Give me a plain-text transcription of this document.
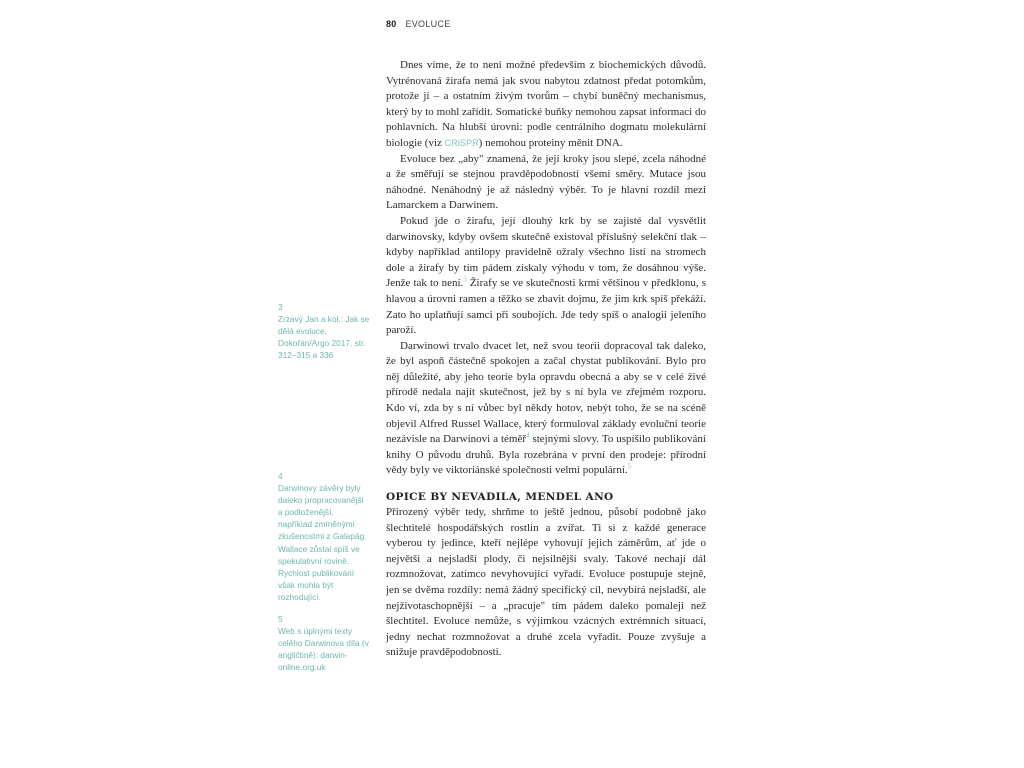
80 EVOLUCE

Dnes víme, že to není možné především z biochemických důvodů. Vytrénovaná žirafa nemá jak svou nabytou zdatnost předat potomkům, protože jí – a ostatním živým tvorům – chybí buněčný mechanismus, který by to mohl zařídit. Somatické buňky nemohou zapsat informaci do pohlavních. Na hlubší úrovni: podle centrálního dogmatu molekulární biologie (viz CRISPR) nemohou proteiny měnit DNA.

Evoluce bez „aby" znamená, že její kroky jsou slepé, zcela náhodné a že směřují se stejnou pravděpodobností všemi směry. Mutace jsou náhodné. Nenáhodný je až následný výběr. To je hlavní rozdíl mezi Lamarckem a Darwinem.

Pokud jde o žirafu, její dlouhý krk by se zajisté dal vysvětlit darwinovsky, kdyby ovšem skutečně existoval příslušný selekční tlak – kdyby například antilopy pravidelně ožraly všechno listí na stromech dole a žirafy by tím pádem získaly výhodu v tom, že dosáhnou výše. Jenže tak to není.$^3$ Žirafy se ve skutečnosti krmí většinou v předklonu, s hlavou a úrovni ramen a těžko se zbavit dojmu, že jim krk spíš překáží. Zato ho uplatňují samci při soubojích. Jde tedy spíš o analogii jeleního paroží.

Darwinowi trvalo dvacet let, než svou teorii dopracoval tak daleko, že byl aspoň částečně spokojen a začal chystat publikování. Bylo pro něj důležité, aby jeho teorie byla opravdu obecná a aby se v celé živé přírodě nedala najít skutečnost, jež by s ní byla ve zřejmém rozporu. Kdo ví, zda by s ní vůbec byl někdy hotov, nebýt toho, že se na scéně objevil Alfred Russel Wallace, který formuloval základy evoluční teorie nezávisle na Darwinovi a téměř$^4$ stejnými slovy. To uspíšilo publikování knihy O původu druhů. Byla rozebrána v první den prodeje: přírodní vědy byly ve viktoriánské společnosti velmi populární.$^5$

OPICE BY NEVADILA, MENDEL ANO

Přirozený výběr tedy, shrňme to ještě jednou, působí podobně jako šlechtitelé hospodářských rostlin a zvířat. Ti si z každé generace vyberou ty jedince, kteří nejlépe vyhovují jejich záměrům, ať jde o největší a nejsladší plody, či nejsilnější svaly. Takové nechají dál rozmnožovat, zatímco nevyhovující vyřadí. Evoluce postupuje stejně, jen se dvěma rozdíly: nemá žádný specifický cíl, nevybírá nejsladší, ale nejživotaschopnější – a „pracuje" tím pádem daleko pomaleji než šlechtitel. Evoluce nemůže, s výjimkou vzácných extrémních situací, jedny nechat rozmnožovat a druhé zcela vyřadit. Pouze zvyšuje a snižuje pravděpodobnosti.

3
Zrzavý Jan a kol.: Jak se dělá evoluce, Dokořán/Argo 2017, str. 312–315 a 336
4
Darwinovy závěry byly daleko propracovanější a podloženější, například zmíněnými zkušenostmi z Galapág. Wallace zůstal spíš ve spekulativní rovině. Rychlost publikování však mohla být rozhodující.
5
Web s úplnými texty celého Darwinova díla (v angličtině): darwin-online.org.uk
